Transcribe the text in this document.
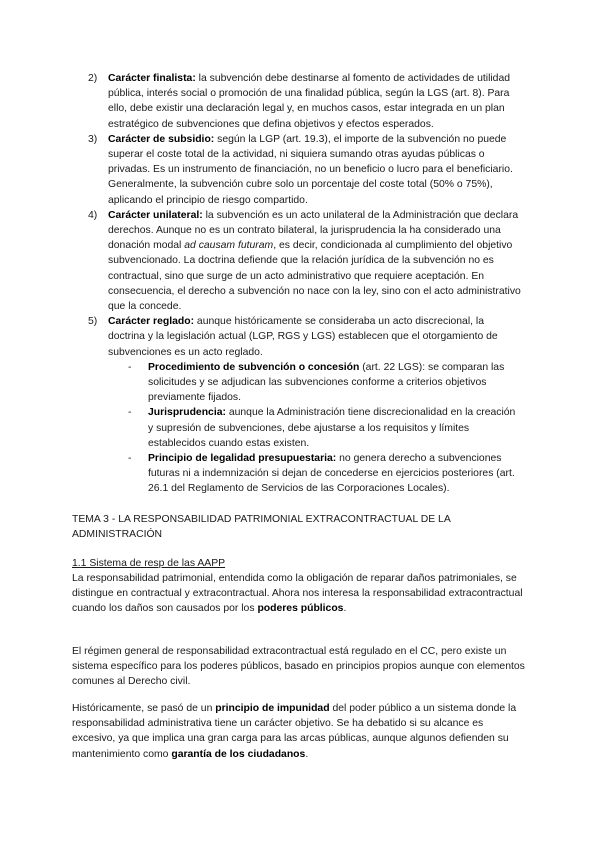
2) Carácter finalista: la subvención debe destinarse al fomento de actividades de utilidad pública, interés social o promoción de una finalidad pública, según la LGS (art. 8). Para ello, debe existir una declaración legal y, en muchos casos, estar integrada en un plan estratégico de subvenciones que defina objetivos y efectos esperados.
3) Carácter de subsidio: según la LGP (art. 19.3), el importe de la subvención no puede superar el coste total de la actividad, ni siquiera sumando otras ayudas públicas o privadas. Es un instrumento de financiación, no un beneficio o lucro para el beneficiario. Generalmente, la subvención cubre solo un porcentaje del coste total (50% o 75%), aplicando el principio de riesgo compartido.
4) Carácter unilateral: la subvención es un acto unilateral de la Administración que declara derechos. Aunque no es un contrato bilateral, la jurisprudencia la ha considerado una donación modal ad causam futuram, es decir, condicionada al cumplimiento del objetivo subvencionado. La doctrina defiende que la relación jurídica de la subvención no es contractual, sino que surge de un acto administrativo que requiere aceptación. En consecuencia, el derecho a subvención no nace con la ley, sino con el acto administrativo que la concede.
5) Carácter reglado: aunque históricamente se consideraba un acto discrecional, la doctrina y la legislación actual (LGP, RGS y LGS) establecen que el otorgamiento de subvenciones es un acto reglado.
- Procedimiento de subvención o concesión (art. 22 LGS): se comparan las solicitudes y se adjudican las subvenciones conforme a criterios objetivos previamente fijados.
- Jurisprudencia: aunque la Administración tiene discrecionalidad en la creación y supresión de subvenciones, debe ajustarse a los requisitos y límites establecidos cuando estas existen.
- Principio de legalidad presupuestaria: no genera derecho a subvenciones futuras ni a indemnización si dejan de concederse en ejercicios posteriores (art. 26.1 del Reglamento de Servicios de las Corporaciones Locales).
TEMA 3 - LA RESPONSABILIDAD PATRIMONIAL EXTRACONTRACTUAL DE LA ADMINISTRACIÓN
1.1 Sistema de resp de las AAPP
La responsabilidad patrimonial, entendida como la obligación de reparar daños patrimoniales, se distingue en contractual y extracontractual. Ahora nos interesa la responsabilidad extracontractual cuando los daños son causados por los poderes públicos.
El régimen general de responsabilidad extracontractual está regulado en el CC, pero existe un sistema específico para los poderes públicos, basado en principios propios aunque con elementos comunes al Derecho civil.
Históricamente, se pasó de un principio de impunidad del poder público a un sistema donde la responsabilidad administrativa tiene un carácter objetivo. Se ha debatido si su alcance es excesivo, ya que implica una gran carga para las arcas públicas, aunque algunos defienden su mantenimiento como garantía de los ciudadanos.
